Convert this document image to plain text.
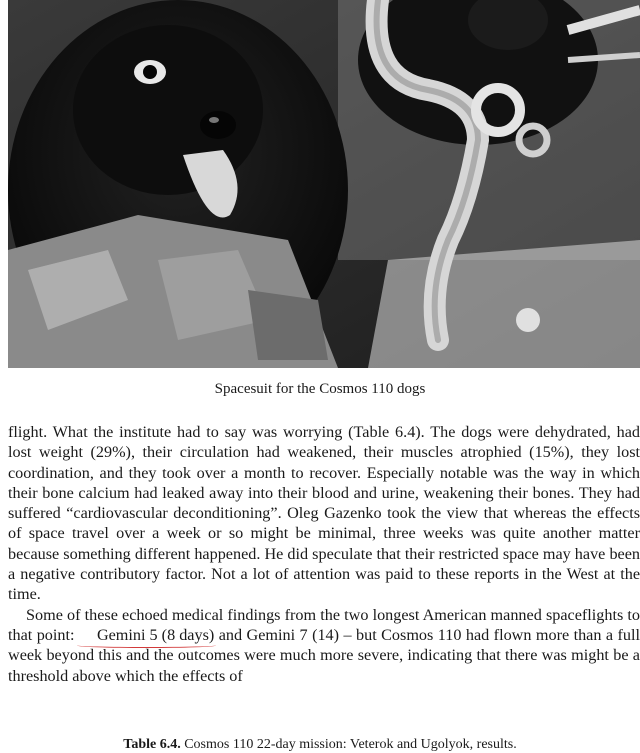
Spacesuit for the Cosmos 110 dogs

flight. What the institute had to say was worrying (Table 6.4). The dogs were dehydrated, had lost weight (29%), their circulation had weakened, their muscles atrophied (15%), they lost coordination, and they took over a month to recover. Especially notable was the way in which their bone calcium had leaked away into their blood and urine, weakening their bones. They had suffered “cardiovascular deconditioning”. Oleg Gazenko took the view that whereas the effects of space travel over a week or so might be minimal, three weeks was quite another matter because something different happened. He did speculate that their restricted space may have been a negative contributory factor. Not a lot of attention was paid to these reports in the West at the time.

Some of these echoed medical findings from the two longest American manned spaceflights to that point: Gemini 5 (8 days) and Gemini 7 (14) – but Cosmos 110 had flown more than a full week beyond this and the outcomes were much more severe, indicating that there was might be a threshold above which the effects of

Table 6.4. Cosmos 110 22-day mission: Veterok and Ugolyok, results.
